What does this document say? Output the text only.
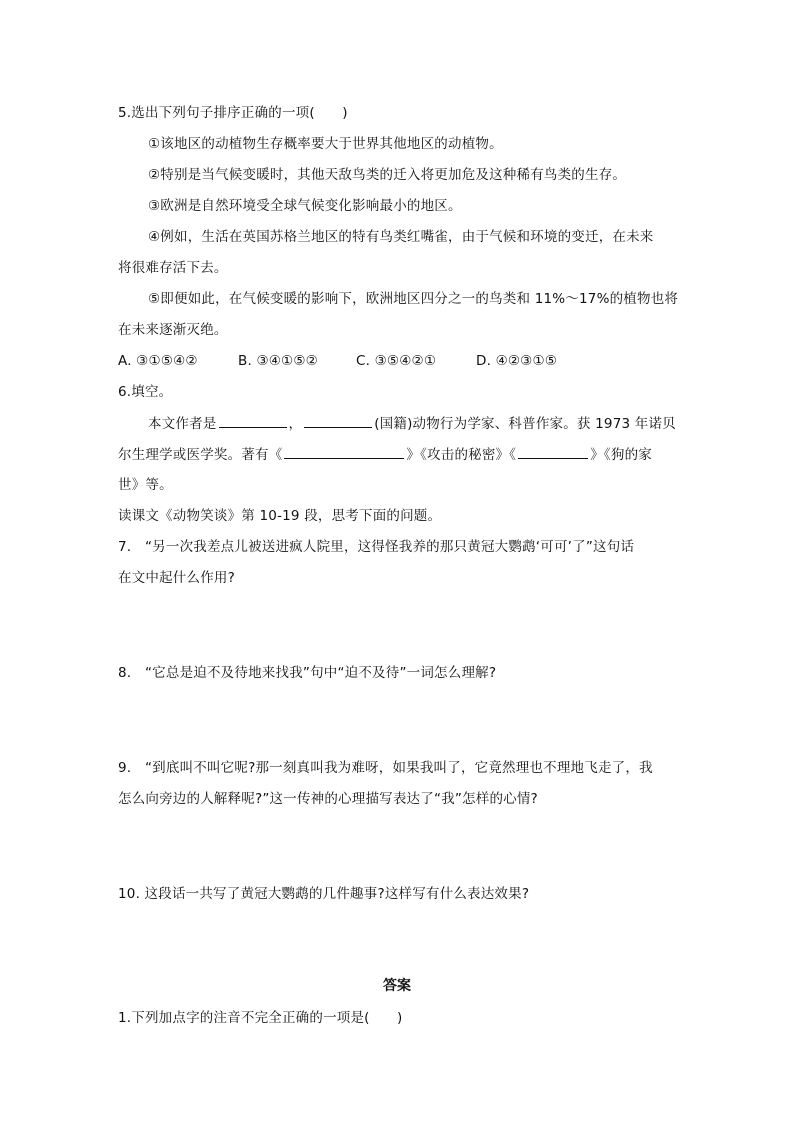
5.选出下列句子排序正确的一项(　　)
①该地区的动植物生存概率要大于世界其他地区的动植物。
②特别是当气候变暖时，其他天敌鸟类的迁入将更加危及这种稀有鸟类的生存。
③欧洲是自然环境受全球气候变化影响最小的地区。
④例如，生活在英国苏格兰地区的特有鸟类红嘴雀，由于气候和环境的变迁，在未来
将很难存活下去。
⑤即便如此，在气候变暖的影响下，欧洲地区四分之一的鸟类和 11%～17%的植物也将
在未来逐渐灭绝。
A. ③①⑤④②	B. ③④①⑤②	C. ③⑤④②①	D. ④②③①⑤
6.填空。
本文作者是	，	(国籍)动物行为学家、科普作家。获 1973 年诺贝
尔生理学或医学奖。著有《	》《攻击的秘密》《	》《狗的家
世》等。
读课文《动物笑谈》第 10-19 段，思考下面的问题。
7.　“另一次我差点儿被送进疯人院里，这得怪我养的那只黄冠大鹦鹉‘可可’了”这句话
在文中起什么作用?
8.　“它总是迫不及待地来找我”句中“迫不及待”一词怎么理解?
9.　“到底叫不叫它呢?那一刻真叫我为难呀，如果我叫了，它竟然理也不理地飞走了，我
怎么向旁边的人解释呢?”这一传神的心理描写表达了“我”怎样的心情?
10. 这段话一共写了黄冠大鹦鹉的几件趣事?这样写有什么表达效果?
答案
1.下列加点字的注音不完全正确的一项是(　　)
